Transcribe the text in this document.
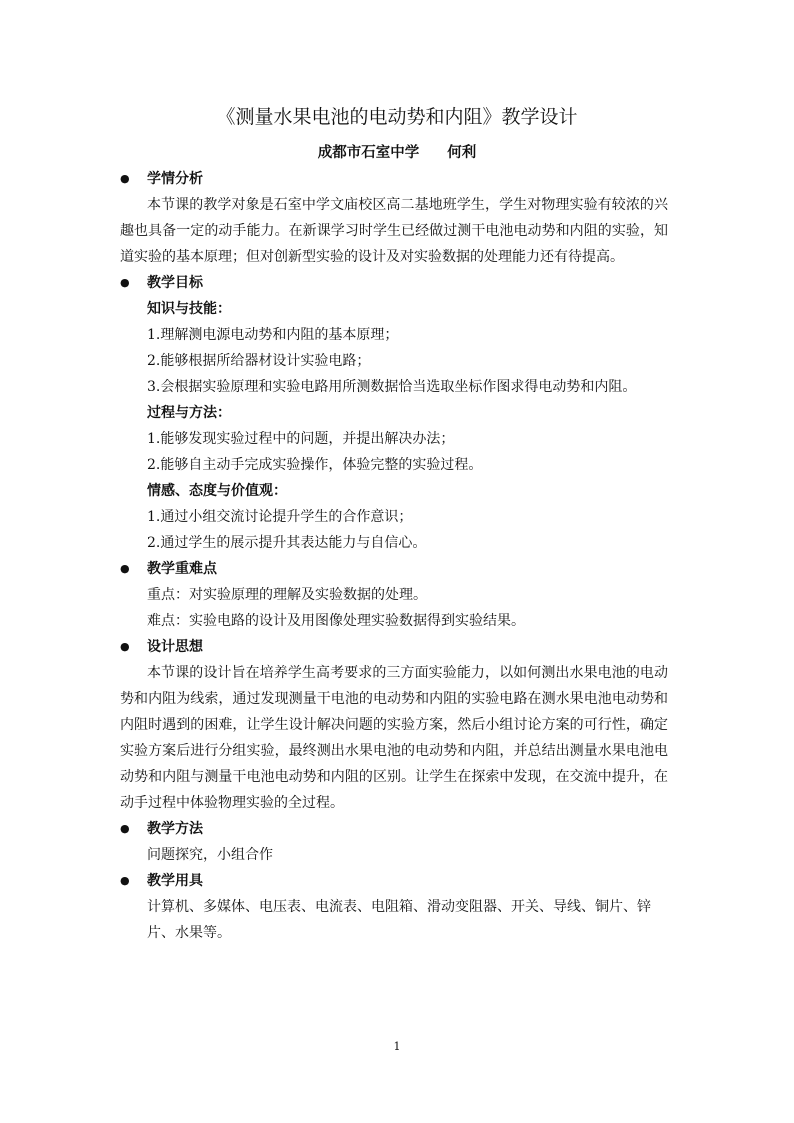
《测量水果电池的电动势和内阻》教学设计
成都市石室中学 何利
● 学情分析
本节课的教学对象是石室中学文庙校区高二基地班学生，学生对物理实验有较浓的兴趣也具备一定的动手能力。在新课学习时学生已经做过测干电池电动势和内阻的实验，知道实验的基本原理；但对创新型实验的设计及对实验数据的处理能力还有待提高。
● 教学目标
知识与技能：
1.理解测电源电动势和内阻的基本原理；
2.能够根据所给器材设计实验电路；
3.会根据实验原理和实验电路用所测数据恰当选取坐标作图求得电动势和内阻。
过程与方法：
1.能够发现实验过程中的问题，并提出解决办法；
2.能够自主动手完成实验操作，体验完整的实验过程。
情感、态度与价值观：
1.通过小组交流讨论提升学生的合作意识；
2.通过学生的展示提升其表达能力与自信心。
● 教学重难点
重点：对实验原理的理解及实验数据的处理。
难点：实验电路的设计及用图像处理实验数据得到实验结果。
● 设计思想
本节课的设计旨在培养学生高考要求的三方面实验能力，以如何测出水果电池的电动势和内阻为线索，通过发现测量干电池的电动势和内阻的实验电路在测水果电池电动势和内阻时遇到的困难，让学生设计解决问题的实验方案，然后小组讨论方案的可行性，确定实验方案后进行分组实验，最终测出水果电池的电动势和内阻，并总结出测量水果电池电动势和内阻与测量干电池电动势和内阻的区别。让学生在探索中发现，在交流中提升，在动手过程中体验物理实验的全过程。
● 教学方法
问题探究，小组合作
● 教学用具
计算机、多媒体、电压表、电流表、电阻箱、滑动变阻器、开关、导线、铜片、锌片、水果等。
1
